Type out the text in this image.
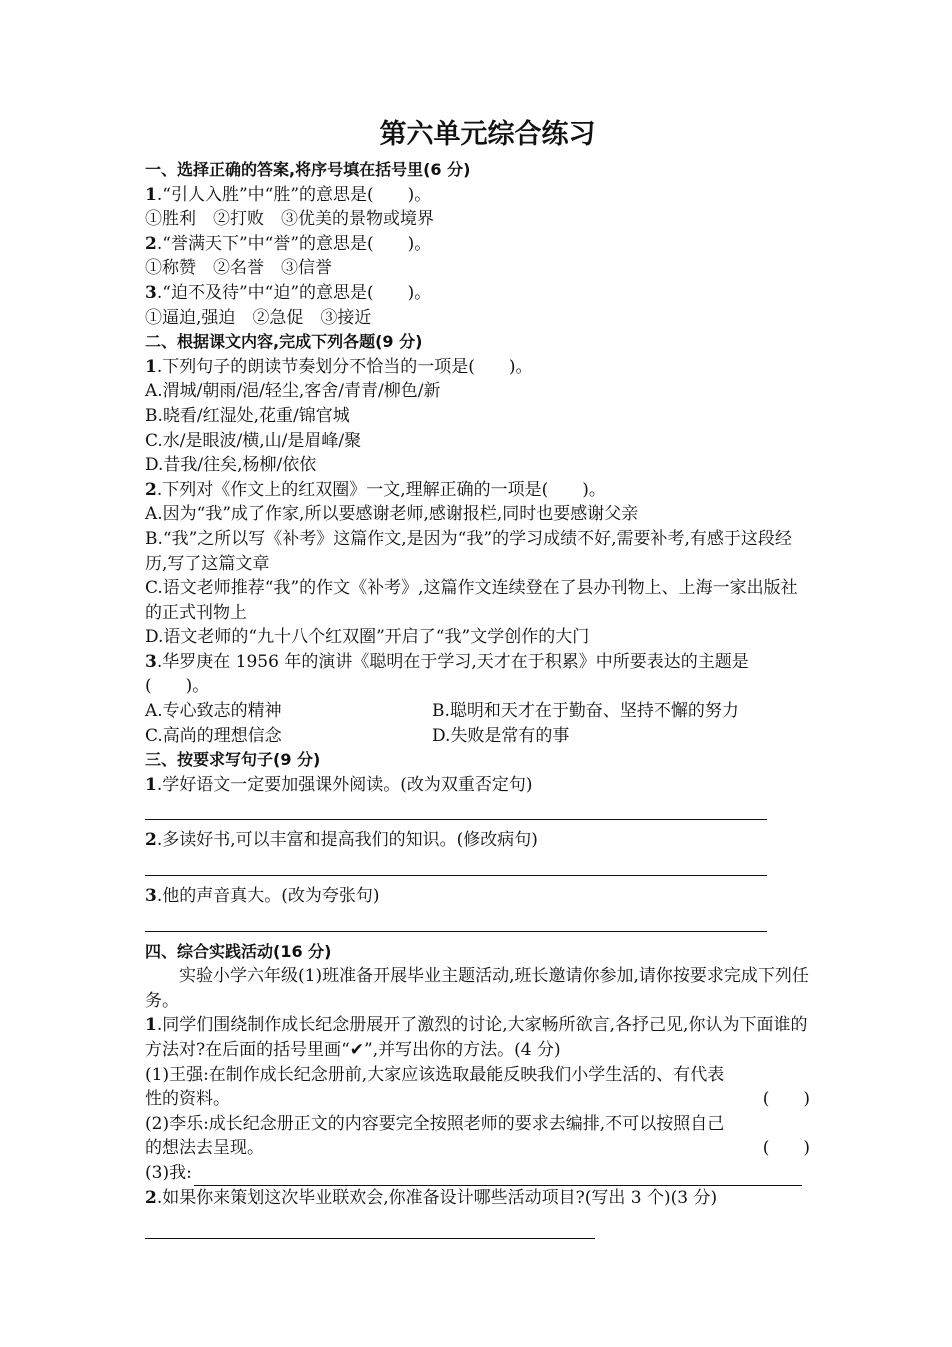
第六单元综合练习
一、选择正确的答案,将序号填在括号里(6 分)
1.“引人入胜”中“胜”的意思是(　　)。
①胜利　②打败　③优美的景物或境界
2.“誉满天下”中“誉”的意思是(　　)。
①称赞　②名誉　③信誉
3.“迫不及待”中“迫”的意思是(　　)。
①逼迫,强迫　②急促　③接近
二、根据课文内容,完成下列各题(9 分)
1.下列句子的朗读节奏划分不恰当的一项是(　　)。
A.渭城/朝雨/浥/轻尘,客舍/青青/柳色/新
B.晓看/红湿处,花重/锦官城
C.水/是眼波/横,山/是眉峰/聚
D.昔我/往矣,杨柳/依依
2.下列对《作文上的红双圈》一文,理解正确的一项是(　　)。
A.因为“我”成了作家,所以要感谢老师,感谢报栏,同时也要感谢父亲
B.“我”之所以写《补考》这篇作文,是因为“我”的学习成绩不好,需要补考,有感于这段经历,写了这篇文章
C.语文老师推荐“我”的作文《补考》,这篇作文连续登在了县办刊物上、上海一家出版社的正式刊物上
D.语文老师的“九十八个红双圈”开启了“我”文学创作的大门
3.华罗庚在 1956 年的演讲《聪明在于学习,天才在于积累》中所要表达的主题是(　　)。
A.专心致志的精神	B.聪明和天才在于勤奋、坚持不懈的努力
C.高尚的理想信念	D.失败是常有的事
三、按要求写句子(9 分)
1.学好语文一定要加强课外阅读。(改为双重否定句)
2.多读好书,可以丰富和提高我们的知识。(修改病句)
3.他的声音真大。(改为夸张句)
四、综合实践活动(16 分)
实验小学六年级(1)班准备开展毕业主题活动,班长邀请你参加,请你按要求完成下列任务。
1.同学们围绕制作成长纪念册展开了激烈的讨论,大家畅所欲言,各抒己见,你认为下面谁的方法对?在后面的括号里画“✔”,并写出你的方法。(4 分)
(1)王强:在制作成长纪念册前,大家应该选取最能反映我们小学生活的、有代表
性的资料。	(　　)
(2)李乐:成长纪念册正文的内容要完全按照老师的要求去编排,不可以按照自己
的想法去呈现。	(　　)
(3)我:
2.如果你来策划这次毕业联欢会,你准备设计哪些活动项目?(写出 3 个)(3 分)
